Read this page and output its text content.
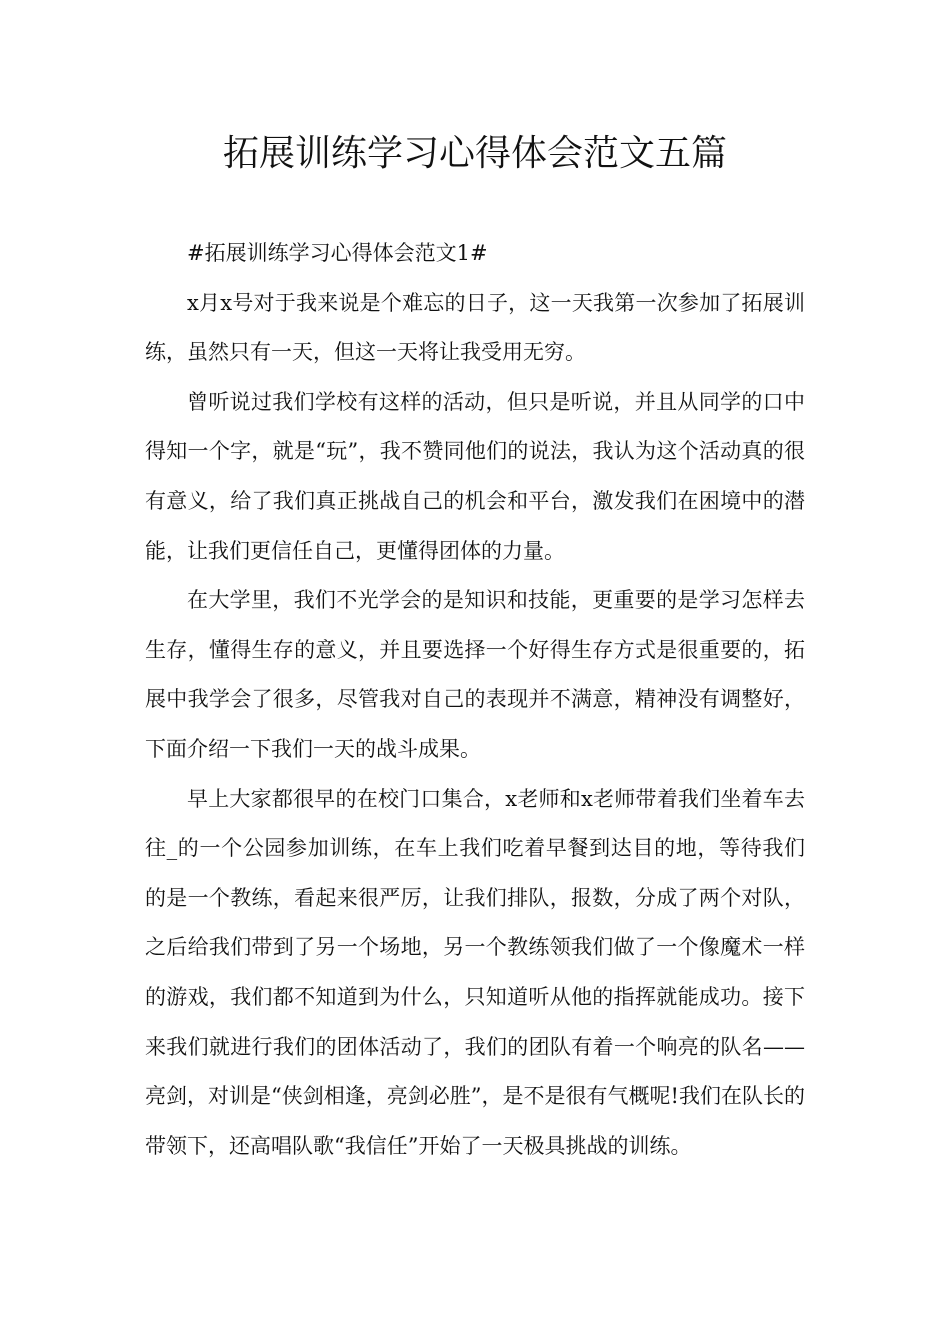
拓展训练学习心得体会范文五篇

#拓展训练学习心得体会范文1#

x月x号对于我来说是个难忘的日子，这一天我第一次参加了拓展训练，虽然只有一天，但这一天将让我受用无穷。

曾听说过我们学校有这样的活动，但只是听说，并且从同学的口中得知一个字，就是“玩”，我不赞同他们的说法，我认为这个活动真的很有意义，给了我们真正挑战自己的机会和平台，激发我们在困境中的潜能，让我们更信任自己，更懂得团体的力量。

在大学里，我们不光学会的是知识和技能，更重要的是学习怎样去生存，懂得生存的意义，并且要选择一个好得生存方式是很重要的，拓展中我学会了很多，尽管我对自己的表现并不满意，精神没有调整好，下面介绍一下我们一天的战斗成果。

早上大家都很早的在校门口集合，x老师和x老师带着我们坐着车去往_的一个公园参加训练，在车上我们吃着早餐到达目的地，等待我们的是一个教练，看起来很严厉，让我们排队，报数，分成了两个对队，之后给我们带到了另一个场地，另一个教练领我们做了一个像魔术一样的游戏，我们都不知道到为什么，只知道听从他的指挥就能成功。接下来我们就进行我们的团体活动了，我们的团队有着一个响亮的队名——亮剑，对训是“侠剑相逢，亮剑必胜”，是不是很有气概呢!我们在队长的带领下，还高唱队歌“我信任”开始了一天极具挑战的训练。
